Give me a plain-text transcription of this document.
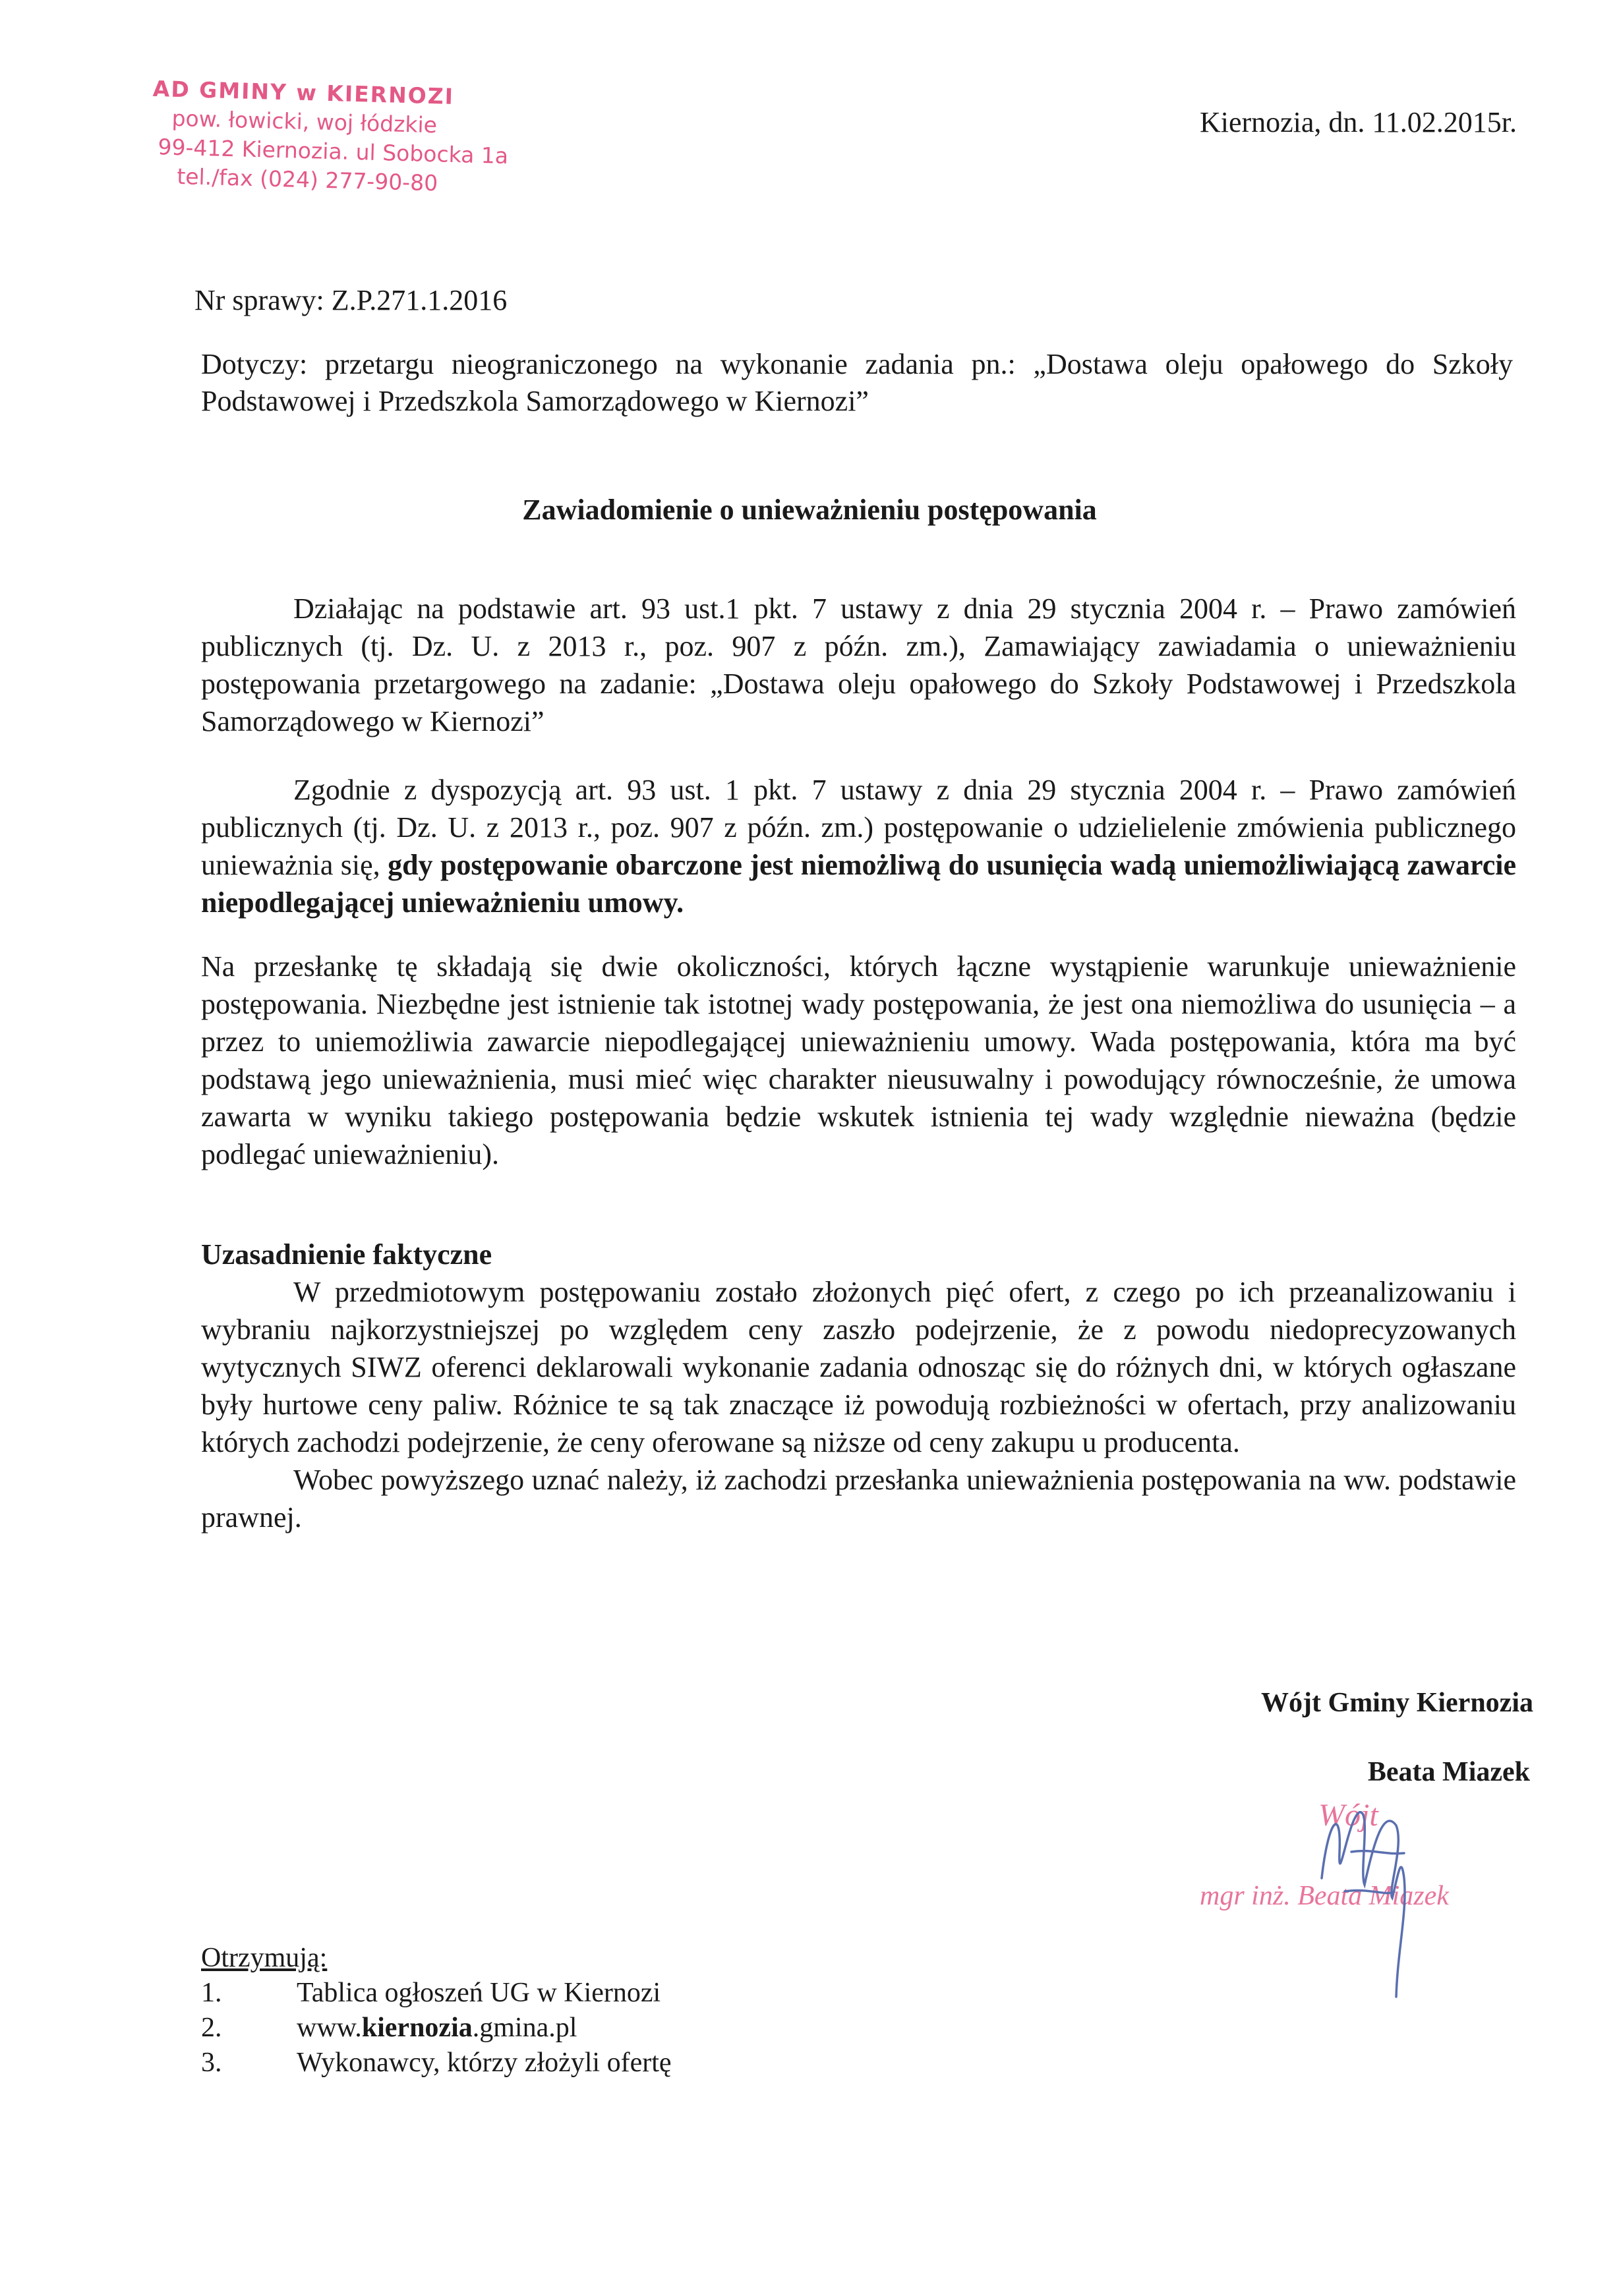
AD GMINY w KIERNOZI
pow. łowicki, woj łódzkie
99-412 Kiernozia. ul Sobocka 1a
tel./fax (024) 277-90-80
Kiernozia, dn. 11.02.2015r.
Nr sprawy: Z.P.271.1.2016
Dotyczy: przetargu nieograniczonego na wykonanie zadania pn.: „Dostawa oleju opałowego do Szkoły Podstawowej i Przedszkola Samorządowego w Kiernozi”
Zawiadomienie o unieważnieniu postępowania
Działając na podstawie art. 93 ust.1 pkt. 7 ustawy z dnia 29 stycznia 2004 r. – Prawo zamówień publicznych (tj. Dz. U. z 2013 r., poz. 907 z późn. zm.), Zamawiający zawiadamia o unieważnieniu postępowania przetargowego na zadanie: „Dostawa oleju opałowego do Szkoły Podstawowej i Przedszkola Samorządowego w Kiernozi”
Zgodnie z dyspozycją art. 93 ust. 1 pkt. 7 ustawy z dnia 29 stycznia 2004 r. – Prawo zamówień publicznych (tj. Dz. U. z 2013 r., poz. 907 z późn. zm.) postępowanie o udzielielenie zmówienia publicznego unieważnia się, gdy postępowanie obarczone jest niemożliwą do usunięcia wadą uniemożliwiającą zawarcie niepodlegającej unieważnieniu umowy.
Na przesłankę tę składają się dwie okoliczności, których łączne wystąpienie warunkuje unieważnienie postępowania. Niezbędne jest istnienie tak istotnej wady postępowania, że jest ona niemożliwa do usunięcia – a przez to uniemożliwia zawarcie niepodlegającej unieważnieniu umowy. Wada postępowania, która ma być podstawą jego unieważnienia, musi mieć więc charakter nieusuwalny i powodujący równocześnie, że umowa zawarta w wyniku takiego postępowania będzie wskutek istnienia tej wady względnie nieważna (będzie podlegać unieważnieniu).

Uzasadnienie faktyczne

W przedmiotowym postępowaniu zostało złożonych pięć ofert, z czego po ich przeanalizowaniu i wybraniu najkorzystniejszej po względem ceny zaszło podejrzenie, że z powodu niedoprecyzowanych wytycznych SIWZ oferenci deklarowali wykonanie zadania odnosząc się do różnych dni, w których ogłaszane były hurtowe ceny paliw. Różnice te są tak znaczące iż powodują rozbieżności w ofertach, przy analizowaniu których zachodzi podejrzenie, że ceny oferowane są niższe od ceny zakupu u producenta.

Wobec powyższego uznać należy, iż zachodzi przesłanka unieważnienia postępowania na ww. podstawie prawnej.

Wójt Gminy Kiernozia
Beata Miazek
Wójt
mgr inż. Beata Miazek
Otrzymują:
1.	Tablica ogłoszeń UG w Kiernozi
2.	www.kiernozia.gmina.pl
3.	Wykonawcy, którzy złożyli ofertę
